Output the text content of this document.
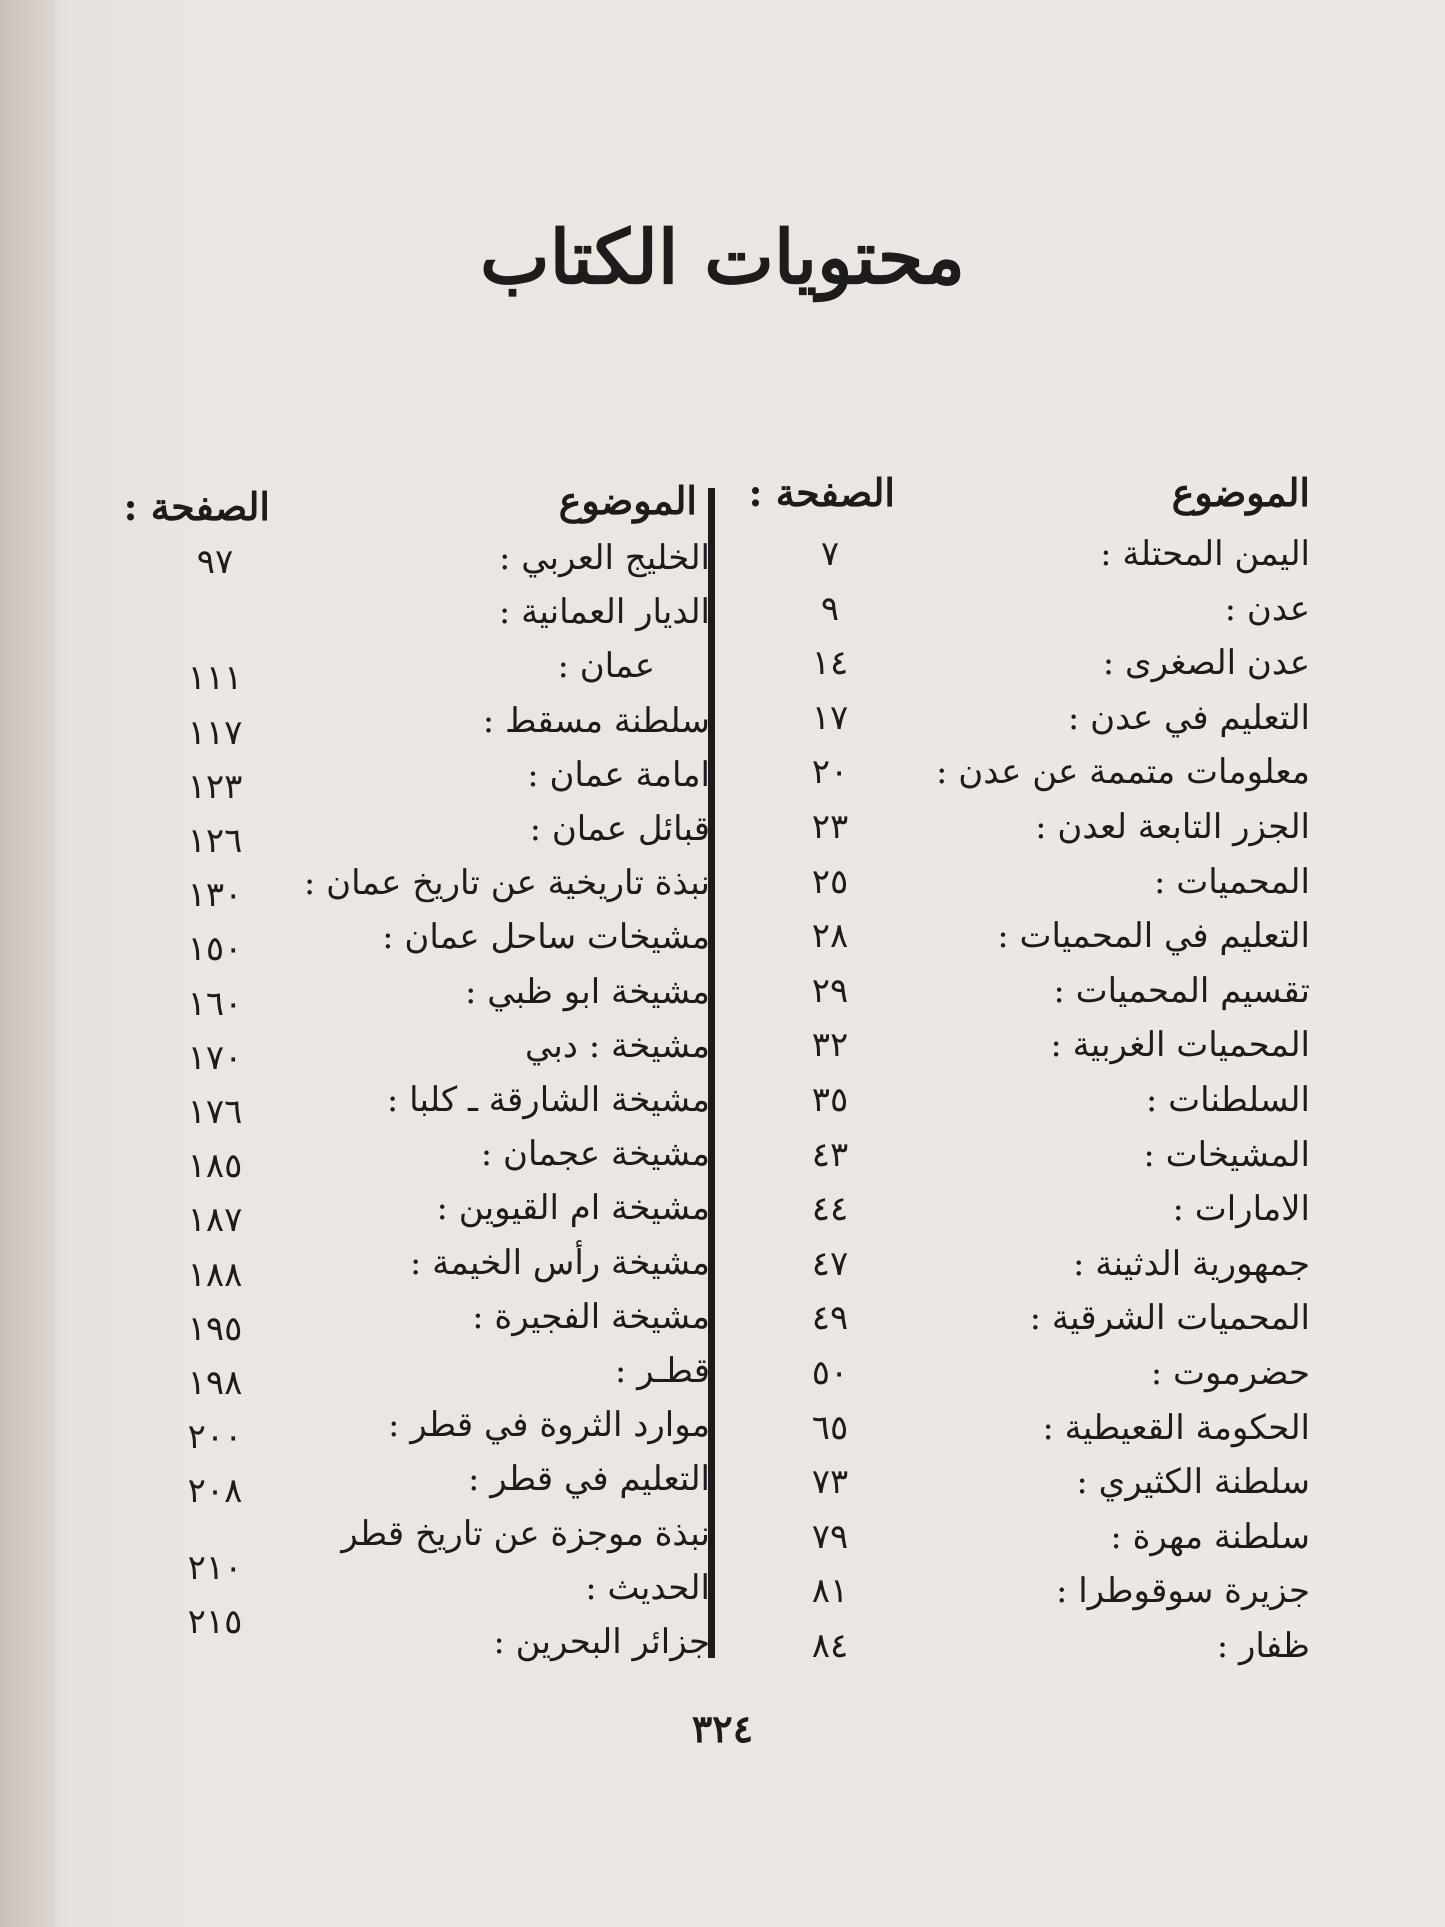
محتويات الكتاب
الموضوع
الصفحة :
الموضوع
الصفحة :
اليمن المحتلة :
٧
عدن :
٩
عدن الصغرى :
١٤
التعليم في عدن :
١٧
معلومات متممة عن عدن :
٢٠
الجزر التابعة لعدن :
٢٣
المحميات :
٢٥
التعليم في المحميات :
٢٨
تقسيم المحميات :
٢٩
المحميات الغربية :
٣٢
السلطنات :
٣٥
المشيخات :
٤٣
الامارات :
٤٤
جمهورية الدثينة :
٤٧
المحميات الشرقية :
٤٩
حضرموت :
٥٠
الحكومة القعيطية :
٦٥
سلطنة الكثيري :
٧٣
سلطنة مهرة :
٧٩
جزيرة سوقوطرا :
٨١
ظفار :
٨٤
الخليج العربي :
٩٧
الديار العمانية :
عمان :
١١١
سلطنة مسقط :
١١٧
امامة عمان :
١٢٣
قبائل عمان :
١٢٦
نبذة تاريخية عن تاريخ عمان :
١٣٠
مشيخات ساحل عمان :
١٥٠
مشيخة ابو ظبي :
١٦٠
مشيخة : دبي
١٧٠
مشيخة الشارقة ـ كلبا :
١٧٦
مشيخة عجمان :
١٨٥
مشيخة ام القيوين :
١٨٧
مشيخة رأس الخيمة :
١٨٨
مشيخة الفجيرة :
١٩٥
قطـر :
١٩٨
موارد الثروة في قطر :
٢٠٠
التعليم في قطر :
٢٠٨
نبذة موجزة عن تاريخ قطر
الحديث :
٢١٠
جزائر البحرين :
٢١٥
٣٢٤
